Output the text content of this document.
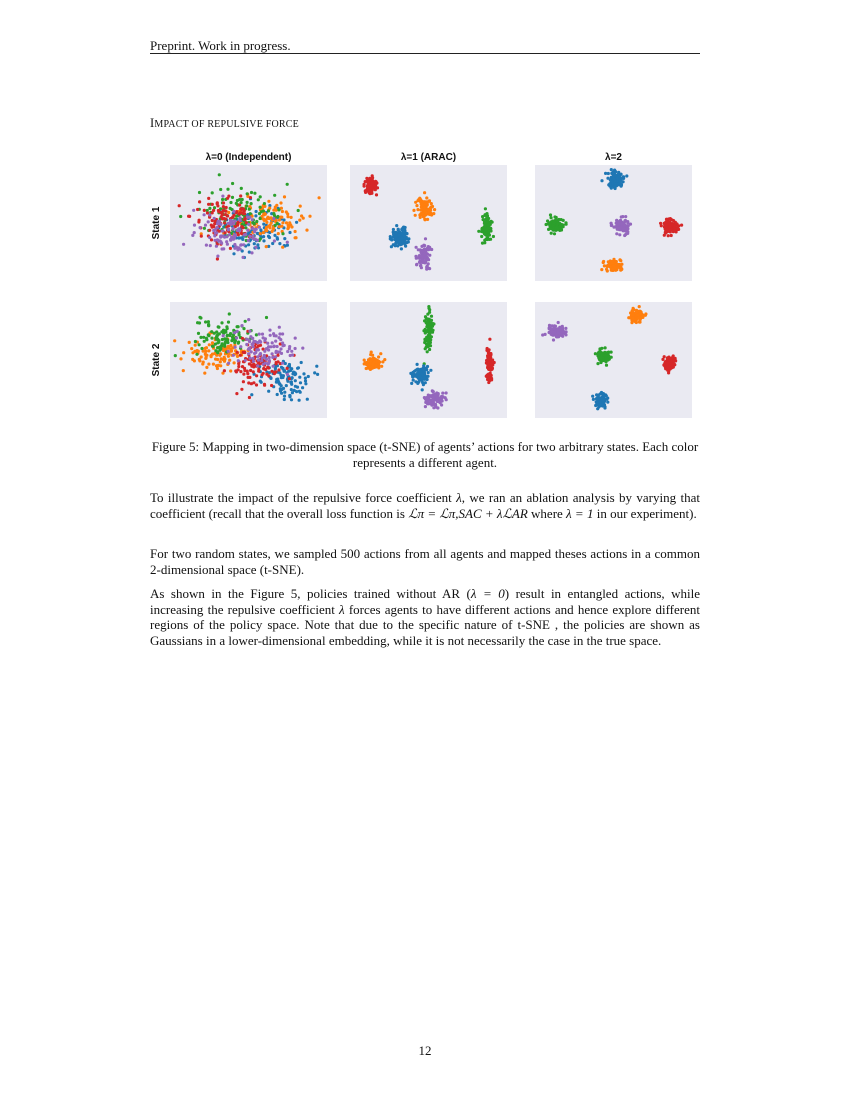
Preprint. Work in progress.
IMPACT OF REPULSIVE FORCE
λ=0 (Independent)	λ=1 (ARAC)	λ=2
State 1
State 2
Figure 5: Mapping in two-dimension space (t-SNE) of agents’ actions for two arbitrary states. Each color represents a different agent.

To illustrate the impact of the repulsive force coefficient λ, we ran an ablation analysis by varying that coefficient (recall that the overall loss function is ℒπ = ℒπ,SAC + λℒAR where λ = 1 in our experiment).

For two random states, we sampled 500 actions from all agents and mapped theses actions in a common 2-dimensional space (t-SNE).

As shown in the Figure 5, policies trained without AR (λ = 0) result in entangled actions, while increasing the repulsive coefficient λ forces agents to have different actions and hence explore different regions of the policy space. Note that due to the specific nature of t-SNE , the policies are shown as Gaussians in a lower-dimensional embedding, while it is not necessarily the case in the true space.

12
